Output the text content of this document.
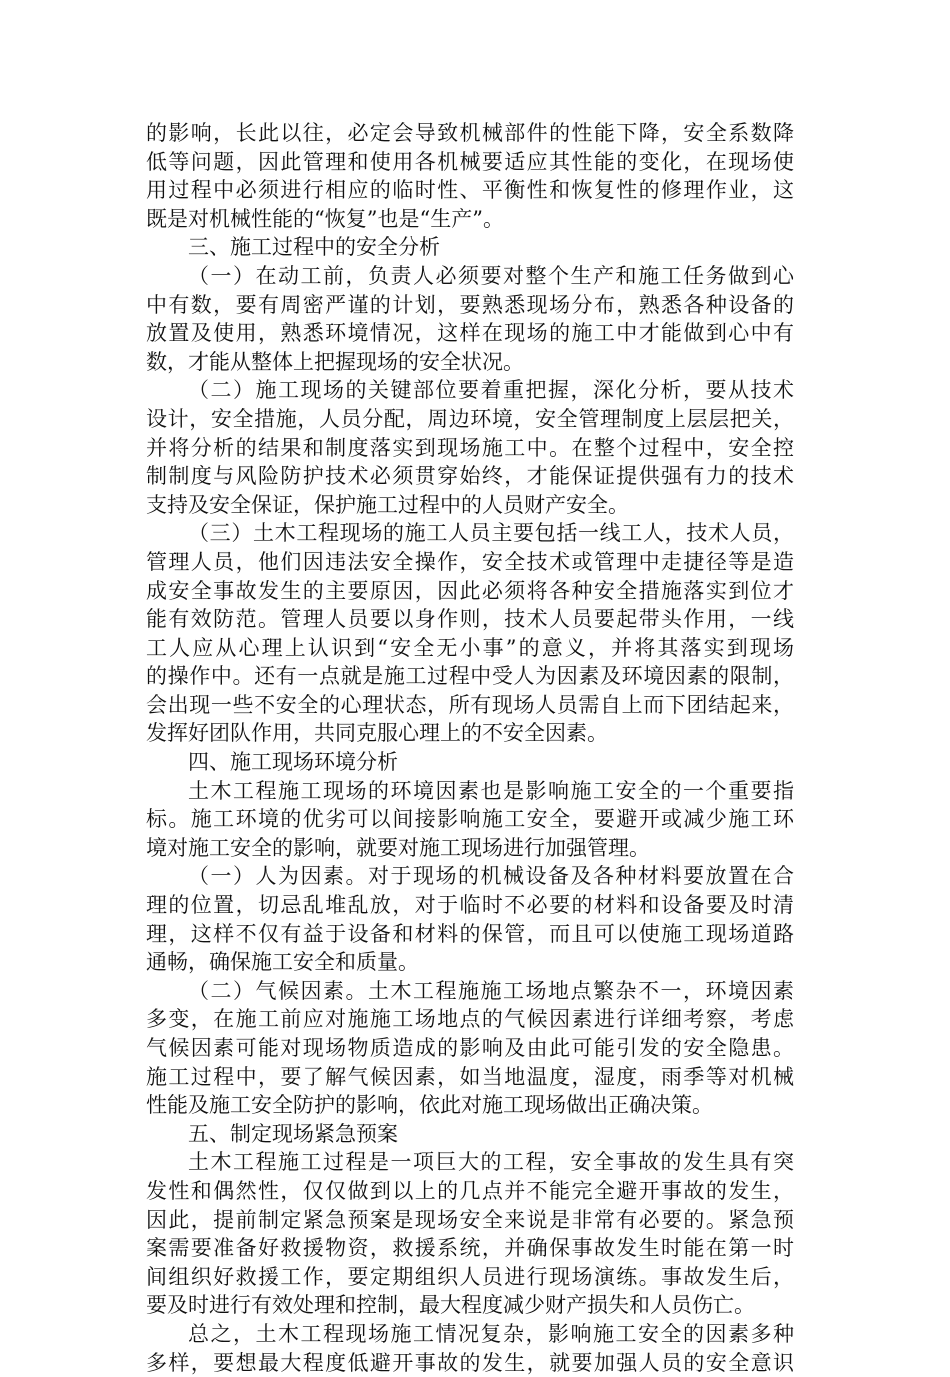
的影响，长此以往，必定会导致机械部件的性能下降，安全系数降
低等问题，因此管理和使用各机械要适应其性能的变化，在现场使
用过程中必须进行相应的临时性、平衡性和恢复性的修理作业，这
既是对机械性能的“恢复”也是“生产”。
三、施工过程中的安全分析
（一）在动工前，负责人必须要对整个生产和施工任务做到心
中有数，要有周密严谨的计划，要熟悉现场分布，熟悉各种设备的
放置及使用，熟悉环境情况，这样在现场的施工中才能做到心中有
数，才能从整体上把握现场的安全状况。
（二）施工现场的关键部位要着重把握，深化分析，要从技术
设计，安全措施，人员分配，周边环境，安全管理制度上层层把关，
并将分析的结果和制度落实到现场施工中。在整个过程中，安全控
制制度与风险防护技术必须贯穿始终，才能保证提供强有力的技术
支持及安全保证，保护施工过程中的人员财产安全。
（三）土木工程现场的施工人员主要包括一线工人，技术人员，
管理人员，他们因违法安全操作，安全技术或管理中走捷径等是造
成安全事故发生的主要原因，因此必须将各种安全措施落实到位才
能有效防范。管理人员要以身作则，技术人员要起带头作用，一线
工人应从心理上认识到“安全无小事”的意义，并将其落实到现场
的操作中。还有一点就是施工过程中受人为因素及环境因素的限制，
会出现一些不安全的心理状态，所有现场人员需自上而下团结起来，
发挥好团队作用，共同克服心理上的不安全因素。
四、施工现场环境分析
土木工程施工现场的环境因素也是影响施工安全的一个重要指
标。施工环境的优劣可以间接影响施工安全，要避开或减少施工环
境对施工安全的影响，就要对施工现场进行加强管理。
（一）人为因素。对于现场的机械设备及各种材料要放置在合
理的位置，切忌乱堆乱放，对于临时不必要的材料和设备要及时清
理，这样不仅有益于设备和材料的保管，而且可以使施工现场道路
通畅，确保施工安全和质量。
（二）气候因素。土木工程施施工场地点繁杂不一，环境因素
多变，在施工前应对施施工场地点的气候因素进行详细考察，考虑
气候因素可能对现场物质造成的影响及由此可能引发的安全隐患。
施工过程中，要了解气候因素，如当地温度，湿度，雨季等对机械
性能及施工安全防护的影响，依此对施工现场做出正确决策。
五、制定现场紧急预案
土木工程施工过程是一项巨大的工程，安全事故的发生具有突
发性和偶然性，仅仅做到以上的几点并不能完全避开事故的发生，
因此，提前制定紧急预案是现场安全来说是非常有必要的。紧急预
案需要准备好救援物资，救援系统，并确保事故发生时能在第一时
间组织好救援工作，要定期组织人员进行现场演练。事故发生后，
要及时进行有效处理和控制，最大程度减少财产损失和人员伤亡。
总之，土木工程现场施工情况复杂，影响施工安全的因素多种
多样，要想最大程度低避开事故的发生，就要加强人员的安全意识
